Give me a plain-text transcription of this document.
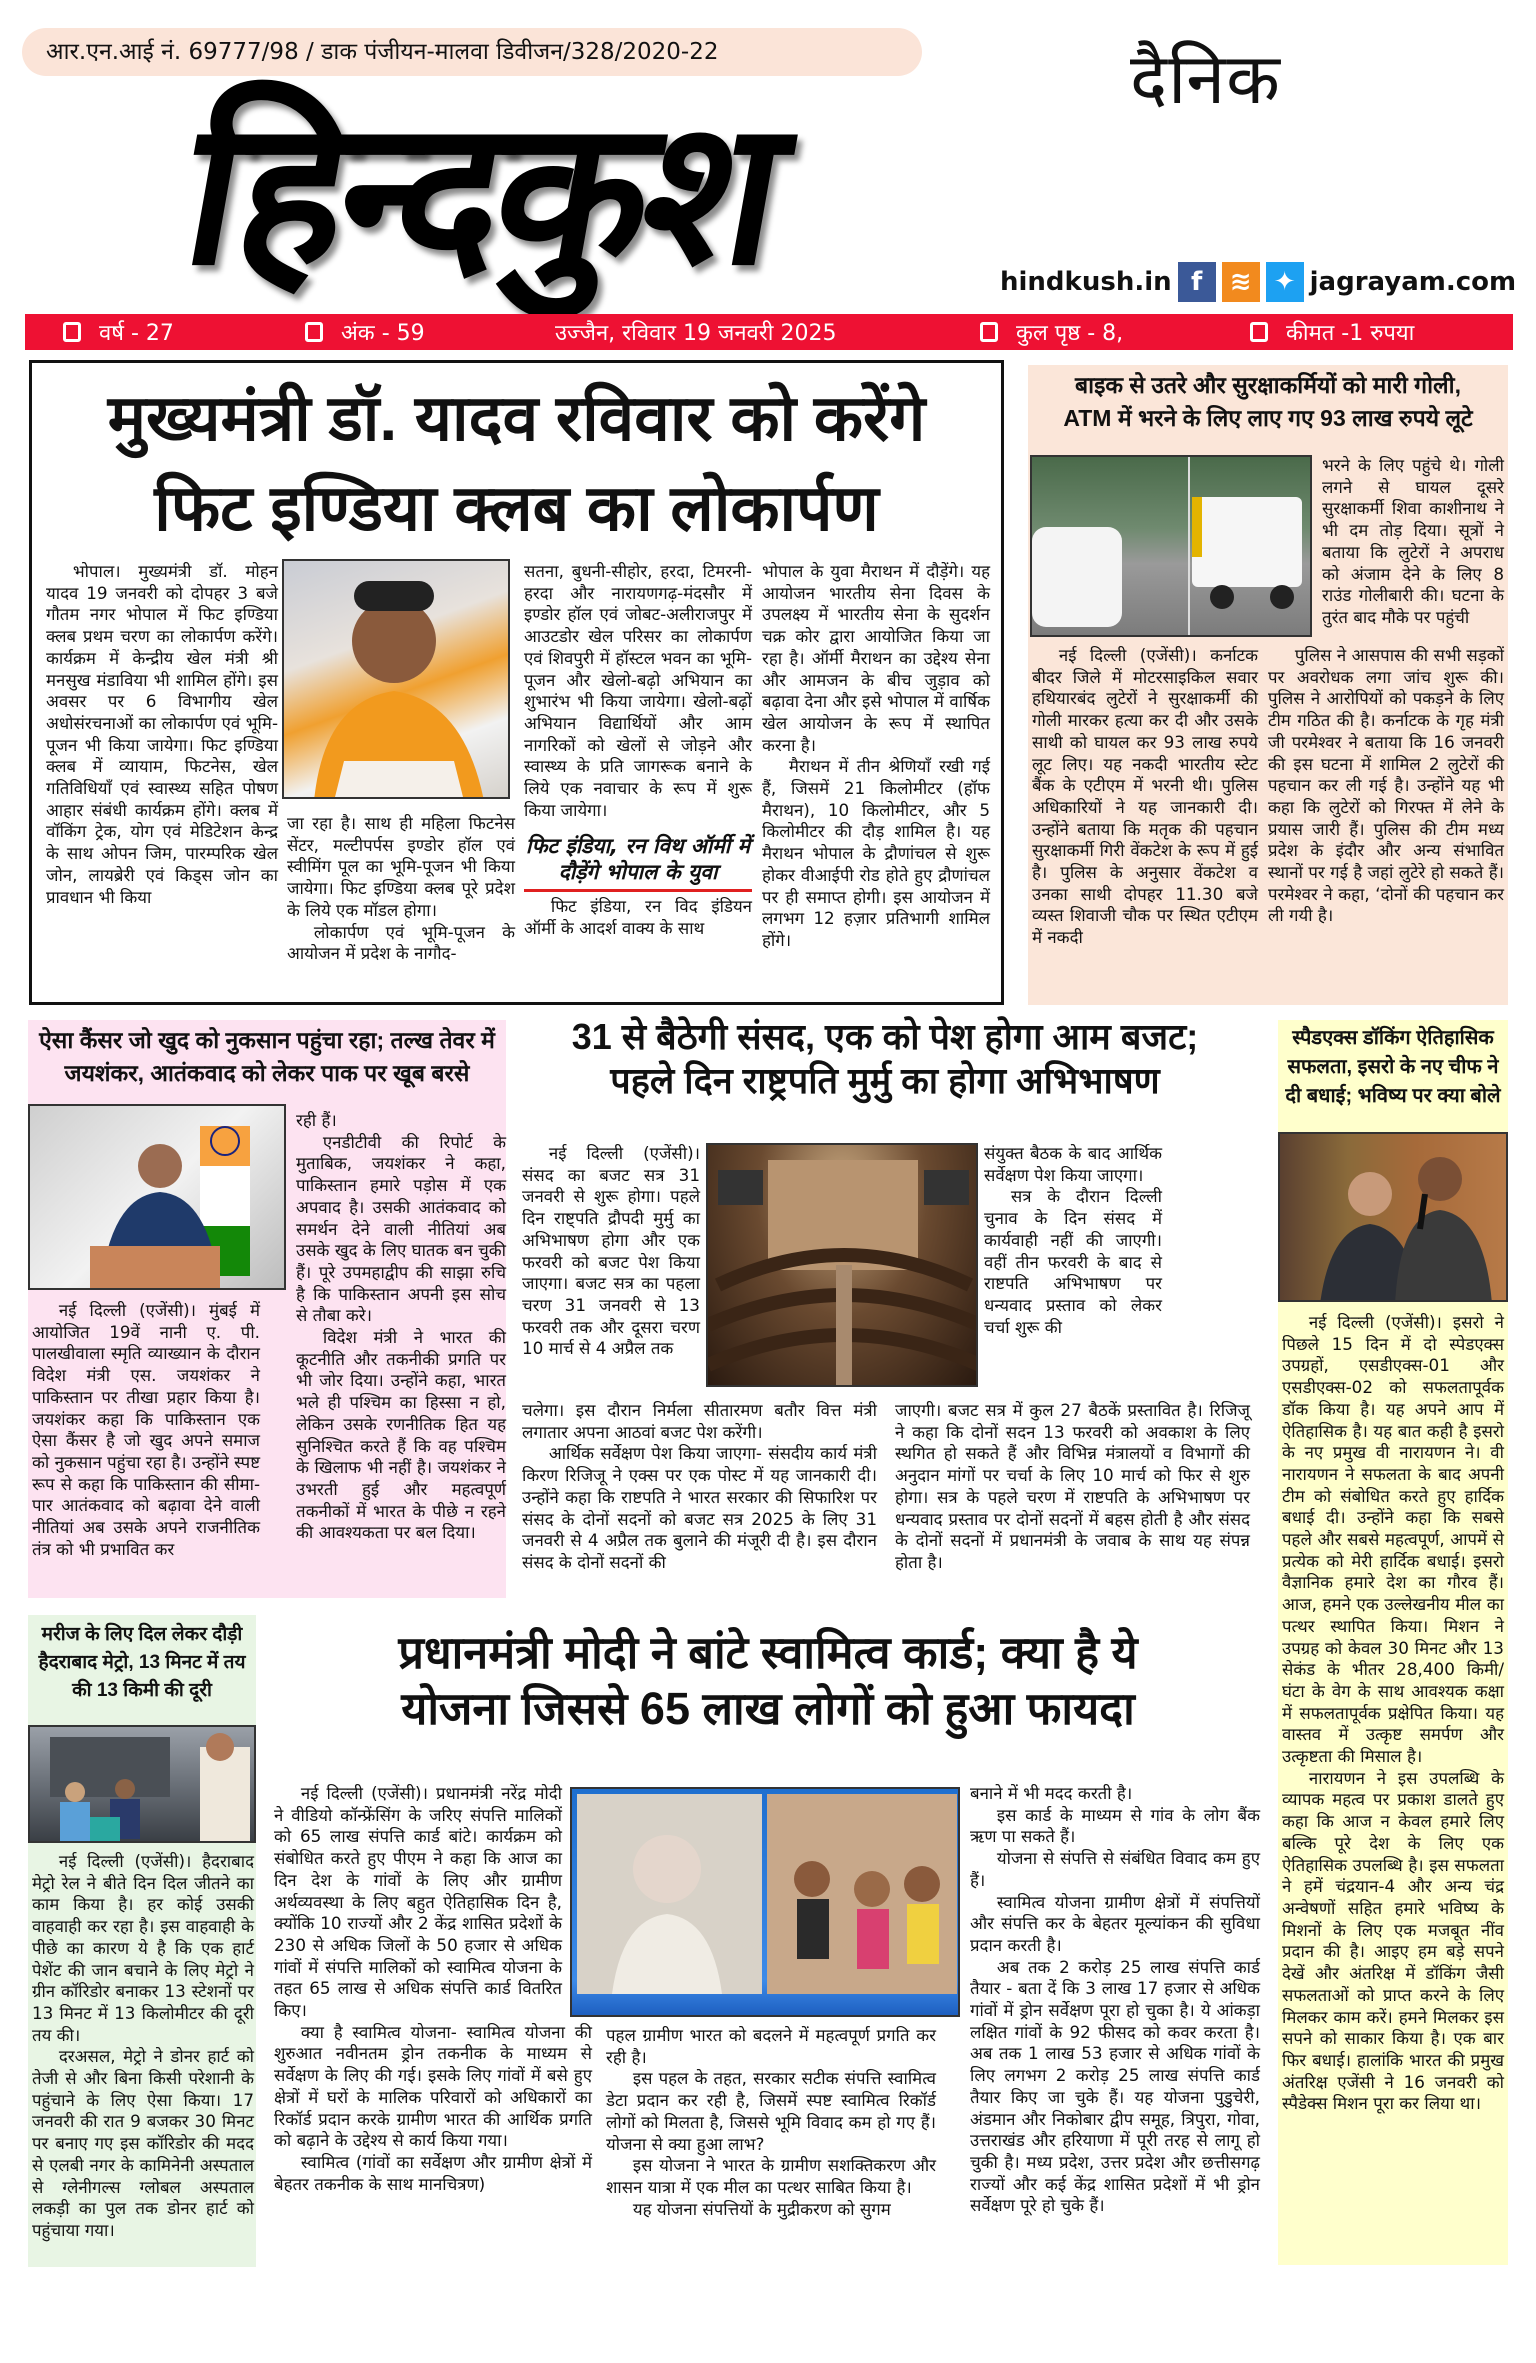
आर.एन.आई नं. 69777/98 / डाक पंजीयन-मालवा डिवीजन/328/2020-22	दैनिक
हिन्दकुश	hindkush.in f	≋ ✦ jagrayam.com
वर्ष - 27	अंक - 59	उज्जैन, रविवार 19 जनवरी 2025	कुल पृष्ठ - 8,	कीमत -1 रुपया
मुख्यमंत्री डॉ. यादव रविवार को करेंगे
फिट इण्डिया क्लब का लोकार्पण

भोपाल। मुख्यमंत्री डॉ. मोहन यादव 19 जनवरी को दोपहर 3 बजे गौतम नगर भोपाल में फिट इण्डिया क्लब प्रथम चरण का लोकार्पण करेंगे। कार्यक्रम में केन्द्रीय खेल मंत्री श्री मनसुख मंडाविया भी शामिल होंगे। इस अवसर पर 6 विभागीय खेल अधोसंरचनाओं का लोकार्पण एवं भूमि-पूजन भी किया जायेगा। फिट इण्डिया क्लब में व्यायाम, फिटनेस, खेल गतिविधियाँ एवं स्वास्थ्य सहित पोषण आहार संबंधी कार्यक्रम होंगे। क्लब में वॉकिंग ट्रेक, योग एवं मेडिटेशन केन्द्र के साथ ओपन जिम, पारम्परिक खेल जोन, लायब्रेरी एवं किड्स जोन का प्रावधान भी किया

जा रहा है। साथ ही महिला फिटनेस सेंटर, मल्टीपर्पस इण्डोर हॉल एवं स्वीमिंग पूल का भूमि-पूजन भी किया जायेगा। फिट इण्डिया क्लब पूरे प्रदेश के लिये एक मॉडल होगा।

लोकार्पण एवं भूमि-पूजन के आयोजन में प्रदेश के नागौद-

सतना, बुधनी-सीहोर, हरदा, टिमरनी-हरदा और नारायणगढ़-मंदसौर में इण्डोर हॉल एवं जोबट-अलीराजपुर में आउटडोर खेल परिसर का लोकार्पण एवं शिवपुरी में हॉस्टल भवन का भूमि-पूजन और खेलो-बढ़ो अभियान का शुभारंभ भी किया जायेगा। खेलो-बढ़ों अभियान विद्यार्थियों और आम नागरिकों को खेलों से जोड़ने और स्वास्थ्य के प्रति जागरूक बनाने के लिये एक नवाचार के रूप में शुरू किया जायेगा।

फिट इंडिया, रन विथ ऑर्मी में दौड़ेंगे भोपाल के युवा

फिट इंडिया, रन विद इंडियन ऑर्मी के आदर्श वाक्य के साथ

भोपाल के युवा मैराथन में दौड़ेंगे। यह आयोजन भारतीय सेना दिवस के उपलक्ष्य में भारतीय सेना के सुदर्शन चक्र कोर द्वारा आयोजित किया जा रहा है। ऑर्मी मैराथन का उद्देश्य सेना और आमजन के बीच जुड़ाव को बढ़ावा देना और इसे भोपाल में वार्षिक खेल आयोजन के रूप में स्थापित करना है।

मैराथन में तीन श्रेणियाँ रखी गई हैं, जिसमें 21 किलोमीटर (हॉफ मैराथन), 10 किलोमीटर, और 5 किलोमीटर की दौड़ शामिल है। यह मैराथन भोपाल के द्रौणांचल से शुरू होकर वीआईपी रोड होते हुए द्रौणांचल पर ही समाप्त होगी। इस आयोजन में लगभग 12 हज़ार प्रतिभागी शामिल होंगे।

बाइक से उतरे और सुरक्षाकर्मियों को मारी गोली,
ATM में भरने के लिए लाए गए 93 लाख रुपये लूटे

भरने के लिए पहुंचे थे। गोली लगने से घायल दूसरे सुरक्षाकर्मी शिवा काशीनाथ ने भी दम तोड़ दिया। सूत्रों ने बताया कि लुटेरों ने अपराध को अंजाम देने के लिए 8 राउंड गोलीबारी की। घटना के तुरंत बाद मौके पर पहुंची

नई दिल्ली (एजेंसी)। कर्नाटक बीदर जिले में मोटरसाइकिल सवार हथियारबंद लुटेरों ने सुरक्षाकर्मी की गोली मारकर हत्या कर दी और उसके साथी को घायल कर 93 लाख रुपये लूट लिए। यह नकदी भारतीय स्टेट बैंक के एटीएम में भरनी थी। पुलिस अधिकारियों ने यह जानकारी दी। उन्होंने बताया कि मतृक की पहचान सुरक्षाकर्मी गिरी वेंकटेश के रूप में हुई है। पुलिस के अनुसार वेंकटेश व उनका साथी दोपहर 11.30 बजे व्यस्त शिवाजी चौक पर स्थित एटीएम में नकदी

पुलिस ने आसपास की सभी सड़कों पर अवरोधक लगा जांच शुरू की। पुलिस ने आरोपियों को पकड़ने के लिए टीम गठित की है। कर्नाटक के गृह मंत्री जी परमेश्वर ने बताया कि 16 जनवरी की इस घटना में शामिल 2 लुटेरों की पहचान कर ली गई है। उन्होंने यह भी कहा कि लुटेरों को गिरफ्त में लेने के प्रयास जारी हैं। पुलिस की टीम मध्य प्रदेश के इंदौर और अन्य संभावित स्थानों पर गई है जहां लुटेरे हो सकते हैं। परमेश्वर ने कहा, ‘दोनों की पहचान कर ली गयी है।

ऐसा कैंसर जो खुद को नुकसान पहुंचा रहा; तल्ख तेवर में जयशंकर, आतंकवाद को लेकर पाक पर खूब बरसे

रही हैं।

एनडीटीवी की रिपोर्ट के मुताबिक, जयशंकर ने कहा, पाकिस्तान हमारे पड़ोस में एक अपवाद है। उसकी आतंकवाद को समर्थन देने वाली नीतियां अब उसके खुद के लिए घातक बन चुकी हैं। पूरे उपमहाद्वीप की साझा रुचि है कि पाकिस्तान अपनी इस सोच से तौबा करे।

विदेश मंत्री ने भारत की कूटनीति और तकनीकी प्रगति पर भी जोर दिया। उन्होंने कहा, भारत भले ही पश्चिम का हिस्सा न हो, लेकिन उसके रणनीतिक हित यह सुनिश्चित करते हैं कि वह पश्चिम के खिलाफ भी नहीं है। जयशंकर ने उभरती हुई और महत्वपूर्ण तकनीकों में भारत के पीछे न रहने की आवश्यकता पर बल दिया।

नई दिल्ली (एजेंसी)। मुंबई में आयोजित 19वें नानी ए. पी. पालखीवाला स्मृति व्याख्यान के दौरान विदेश मंत्री एस. जयशंकर ने पाकिस्तान पर तीखा प्रहार किया है। जयशंकर कहा कि पाकिस्तान एक ऐसा कैंसर है जो खुद अपने समाज को नुकसान पहुंचा रहा है। उन्होंने स्पष्ट रूप से कहा कि पाकिस्तान की सीमा-पार आतंकवाद को बढ़ावा देने वाली नीतियां अब उसके अपने राजनीतिक तंत्र को भी प्रभावित कर

31 से बैठेगी संसद, एक को पेश होगा आम बजट;
पहले दिन राष्ट्रपति मुर्मु का होगा अभिभाषण

नई दिल्ली (एजेंसी)। संसद का बजट सत्र 31 जनवरी से शुरू होगा। पहले दिन राष्ट्पति द्रौपदी मुर्मु का अभिभाषण होगा और एक फरवरी को बजट पेश किया जाएगा। बजट सत्र का पहला चरण 31 जनवरी से 13 फरवरी तक और दूसरा चरण 10 मार्च से 4 अप्रैल तक

संयुक्त बैठक के बाद आर्थिक सर्वेक्षण पेश किया जाएगा।

सत्र के दौरान दिल्ली चुनाव के दिन संसद में कार्यवाही नहीं की जाएगी। वहीं तीन फरवरी के बाद से राष्टपति अभिभाषण पर धन्यवाद प्रस्ताव को लेकर चर्चा शुरू की

चलेगा। इस दौरान निर्मला सीतारमण बतौर वित्त मंत्री लगातार अपना आठवां बजट पेश करेंगी।

आर्थिक सर्वेक्षण पेश किया जाएगा- संसदीय कार्य मंत्री किरण रिजिजू ने एक्स पर एक पोस्ट में यह जानकारी दी। उन्होंने कहा कि राष्टपति ने भारत सरकार की सिफारिश पर संसद के दोनों सदनों को बजट सत्र 2025 के लिए 31 जनवरी से 4 अप्रैल तक बुलाने की मंजूरी दी है। इस दौरान संसद के दोनों सदनों की

जाएगी। बजट सत्र में कुल 27 बैठकें प्रस्तावित है। रिजिजू ने कहा कि दोनों सदन 13 फरवरी को अवकाश के लिए स्थगित हो सकते हैं और विभिन्न मंत्रालयों व विभागों की अनुदान मांगों पर चर्चा के लिए 10 मार्च को फिर से शुरु होगा। सत्र के पहले चरण में राष्टपति के अभिभाषण पर धन्यवाद प्रस्ताव पर दोनों सदनों में बहस होती है और संसद के दोनों सदनों में प्रधानमंत्री के जवाब के साथ यह संपन्न होता है।

स्पैडएक्स डॉकिंग ऐतिहासिक सफलता, इसरो के नए चीफ ने दी बधाई; भविष्य पर क्या बोले

नई दिल्ली (एजेंसी)। इसरो ने पिछले 15 दिन में दो स्पेडएक्स उपग्रहों, एसडीएक्स-01 और एसडीएक्स-02 को सफलतापूर्वक डॉक किया है। यह अपने आप में ऐतिहासिक है। यह बात कही है इसरो के नए प्रमुख वी नारायणन ने। वी नारायणन ने सफलता के बाद अपनी टीम को संबोधित करते हुए हार्दिक बधाई दी। उन्होंने कहा कि सबसे पहले और सबसे महत्वपूर्ण, आपमें से प्रत्येक को मेरी हार्दिक बधाई। इसरो वैज्ञानिक हमारे देश का गौरव हैं। आज, हमने एक उल्लेखनीय मील का पत्थर स्थापित किया। मिशन ने उपग्रह को केवल 30 मिनट और 13 सेकंड के भीतर 28,400 किमी/ घंटा के वेग के साथ आवश्यक कक्षा में सफलतापूर्वक प्रक्षेपित किया। यह वास्तव में उत्कृष्ट समर्पण और उत्कृष्टता की मिसाल है।

नारायणन ने इस उपलब्धि के व्यापक महत्व पर प्रकाश डालते हुए कहा कि आज न केवल हमारे लिए बल्कि पूरे देश के लिए एक ऐतिहासिक उपलब्धि है। इस सफलता ने हमें चंद्रयान-4 और अन्य चंद्र अन्वेषणों सहित हमारे भविष्य के मिशनों के लिए एक मजबूत नींव प्रदान की है। आइए हम बड़े सपने देखें और अंतरिक्ष में डॉकिंग जैसी सफलताओं को प्राप्त करने के लिए मिलकर काम करें। हमने मिलकर इस सपने को साकार किया है। एक बार फिर बधाई। हालांकि भारत की प्रमुख अंतरिक्ष एजेंसी ने 16 जनवरी को स्पैडेक्स मिशन पूरा कर लिया था।

मरीज के लिए दिल लेकर दौड़ी हैदराबाद मेट्रो, 13 मिनट में तय की 13 किमी की दूरी

नई दिल्ली (एजेंसी)। हैदराबाद मेट्रो रेल ने बीते दिन दिल जीतने का काम किया है। हर कोई उसकी वाहवाही कर रहा है। इस वाहवाही के पीछे का कारण ये है कि एक हार्ट पेशेंट की जान बचाने के लिए मेट्रो ने ग्रीन कॉरिडोर बनाकर 13 स्टेशनों पर 13 मिनट में 13 किलोमीटर की दूरी तय की।

दरअसल, मेट्रो ने डोनर हार्ट को तेजी से और बिना किसी परेशानी के पहुंचाने के लिए ऐसा किया। 17 जनवरी की रात 9 बजकर 30 मिनट पर बनाए गए इस कॉरिडोर की मदद से एलबी नगर के कामिनेनी अस्पताल से ग्लेनीगल्स ग्लोबल अस्पताल लकड़ी का पुल तक डोनर हार्ट को पहुंचाया गया।

प्रधानमंत्री मोदी ने बांटे स्वामित्व कार्ड; क्या है ये
योजना जिससे 65 लाख लोगों को हुआ फायदा

नई दिल्ली (एजेंसी)। प्रधानमंत्री नरेंद्र मोदी ने वीडियो कॉन्फ्रेंसिंग के जरिए संपत्ति मालिकों को 65 लाख संपत्ति कार्ड बांटे। कार्यक्रम को संबोधित करते हुए पीएम ने कहा कि आज का दिन देश के गांवों के लिए और ग्रामीण अर्थव्यवस्था के लिए बहुत ऐतिहासिक दिन है, क्योंकि 10 राज्यों और 2 केंद्र शासित प्रदेशों के 230 से अधिक जिलों के 50 हजार से अधिक गांवों में संपत्ति मालिकों को स्वामित्व योजना के तहत 65 लाख से अधिक संपत्ति कार्ड वितरित किए।

क्या है स्वामित्व योजना- स्वामित्व योजना की शुरुआत नवीनतम ड्रोन तकनीक के माध्यम से सर्वेक्षण के लिए की गई। इसके लिए गांवों में बसे हुए क्षेत्रों में घरों के मालिक परिवारों को अधिकारों का रिकॉर्ड प्रदान करके ग्रामीण भारत की आर्थिक प्रगति को बढ़ाने के उद्देश्य से कार्य किया गया।

स्वामित्व (गांवों का सर्वेक्षण और ग्रामीण क्षेत्रों में बेहतर तकनीक के साथ मानचित्रण)

पहल ग्रामीण भारत को बदलने में महत्वपूर्ण प्रगति कर रही है।

इस पहल के तहत, सरकार सटीक संपत्ति स्वामित्व डेटा प्रदान कर रही है, जिसमें स्पष्ट स्वामित्व रिकॉर्ड लोगों को मिलता है, जिससे भूमि विवाद कम हो गए हैं। योजना से क्या हुआ लाभ?

इस योजना ने भारत के ग्रामीण सशक्तिकरण और शासन यात्रा में एक मील का पत्थर साबित किया है।

यह योजना संपत्तियों के मुद्रीकरण को सुगम

बनाने में भी मदद करती है।

इस कार्ड के माध्यम से गांव के लोग बैंक ऋण पा सकते हैं।

योजना से संपत्ति से संबंधित विवाद कम हुए हैं।

स्वामित्व योजना ग्रामीण क्षेत्रों में संपत्तियों और संपत्ति कर के बेहतर मूल्यांकन की सुविधा प्रदान करती है।

अब तक 2 करोड़ 25 लाख संपत्ति कार्ड तैयार - बता दें कि 3 लाख 17 हजार से अधिक गांवों में ड्रोन सर्वेक्षण पूरा हो चुका है। ये आंकड़ा लक्षित गांवों के 92 फीसद को कवर करता है। अब तक 1 लाख 53 हजार से अधिक गांवों के लिए लगभग 2 करोड़ 25 लाख संपत्ति कार्ड तैयार किए जा चुके हैं। यह योजना पुडुचेरी, अंडमान और निकोबार द्वीप समूह, त्रिपुरा, गोवा, उत्तराखंड और हरियाणा में पूरी तरह से लागू हो चुकी है। मध्य प्रदेश, उत्तर प्रदेश और छत्तीसगढ़ राज्यों और कई केंद्र शासित प्रदेशों में भी ड्रोन सर्वेक्षण पूरे हो चुके हैं।
